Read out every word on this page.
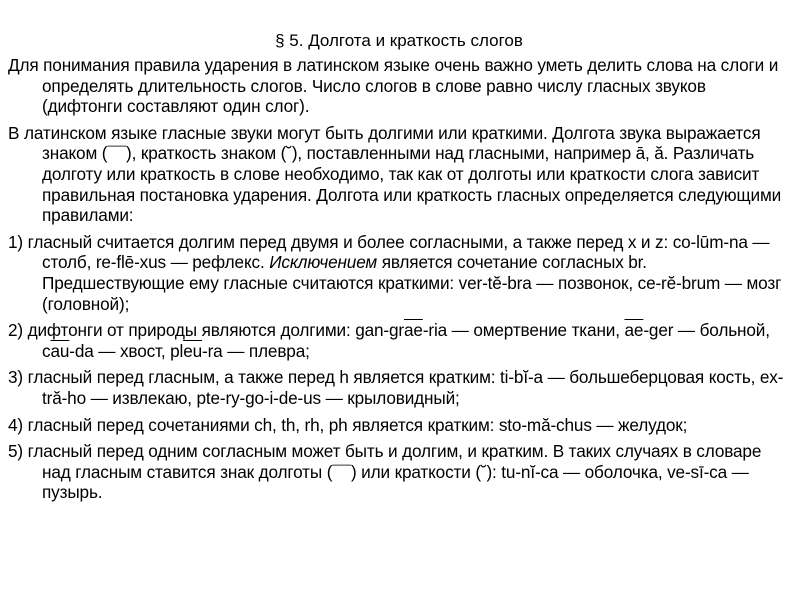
§ 5. Долгота и краткость слогов
Для понимания правила ударения в латинском языке очень важно уметь делить слова на слоги и определять длительность слогов. Число слогов в слове равно числу гласных звуков (дифтонги составляют один слог).
В латинском языке гласные звуки могут быть долгими или краткими. Долгота звука выражается знаком (¯¯), краткость знаком (˘), поставленными над гласными, например ā, ă. Различать долготу или краткость в слове необходимо, так как от долготы или краткости слога зависит правильная постановка ударения. Долгота или краткость гласных определяется следующими правилами:
1) гласный считается долгим перед двумя и более согласными, а также перед x и z: co-lūm-na — столб, re-flē-xus — рефлекс. Исключением является сочетание согласных br. Предшествующие ему гласные считаются краткими: ver-tĕ-bra — позвонок, ce-rĕ-brum — мозг (головной);
2) дифтонги от природы являются долгими: gan-$gr\overline{ae}$-ria — омертвение ткани, $\overline{ae}$-ger — больной, $c\overline{au}-da$ — хвост, $pl\overline{eu}-ra$ — плевра;
3) гласный перед гласным, а также перед h является кратким: ti-bĭ-a — большеберцовая кость, ex-tră-ho — извлекаю, pte-ry-go-i-de-us — крыловидный;
4) гласный перед сочетаниями ch, th, rh, ph является кратким: sto-mă-chus — желудок;
5) гласный перед одним согласным может быть и долгим, и кратким. В таких случаях в словаре над гласным ставится знак долготы (¯¯) или краткости (˘): tu-nĭ-ca — оболочка, ve-sī-ca — пузырь.
